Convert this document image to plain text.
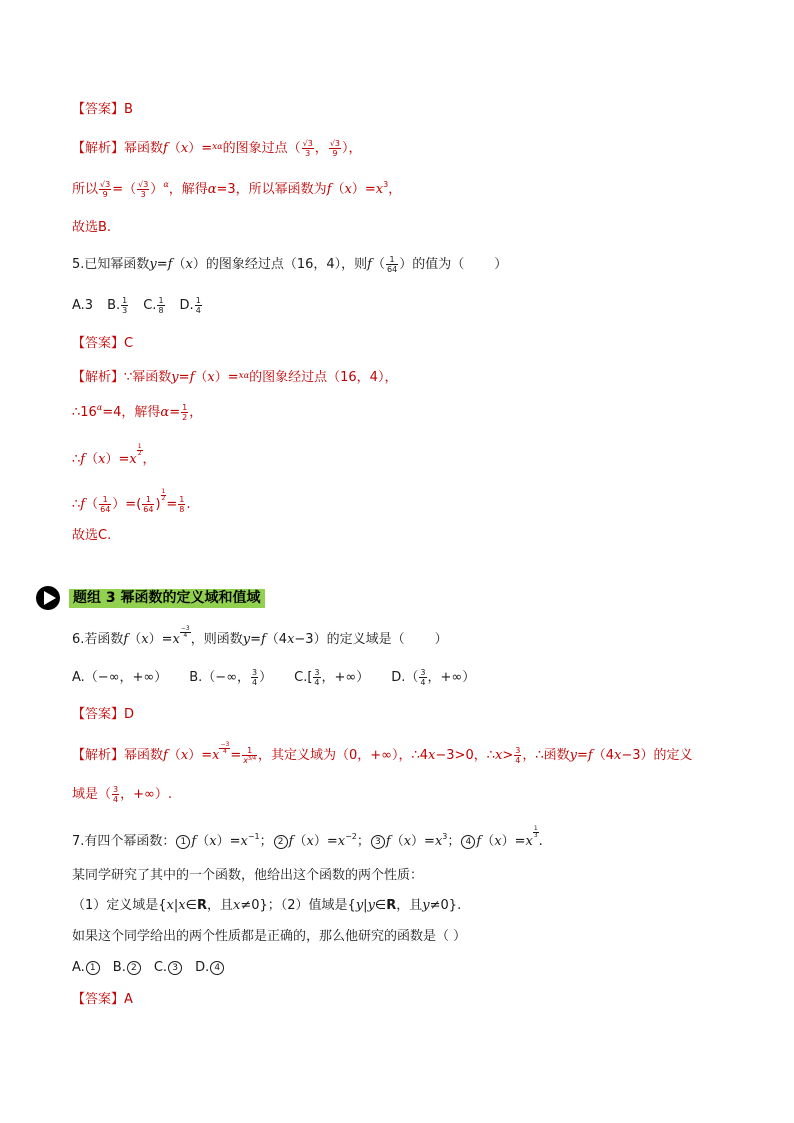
【答案】B
【解析】幂函数f（x）=$^{x\alpha}$的图象过点（ $\frac{√3}{3}$ ， $\frac{√3}{9}$ ），
所以 $\frac{√3}{9}$ =（ $\frac{√3}{3} )^\alpha$，解得α=3，所以幂函数为$f(x)=x^3$，
故选B.
5.已知幂函数y=f（x）的图象经过点（16，4），则$f( \frac{1}{64}$ ）的值为（ ）
A.3 B. $\frac{1}{3} C$. $\frac{1}{8} D$. $\frac{1}{4}$
【答案】C
【解析】∵幂函数y=f（x）=$^{x\alpha}$的图象经过点（16，4），
$\therefore 16^\alpha=4$，解得$\alpha= \frac{1}{2}$ ，
∴f（x）=x
$\frac{1}{2}$
，
∴f（ $\frac{1}{64}$ ）=( $\frac{1}{64}$ )
$\frac{1}{2}$
= $\frac{1}{8}$ .
故选C.
题组 3 幂函数的定义域和值域
6.若函数$f(x)=x \frac{-3}{4}$ ，则函数y=f（4x−3）的定义域是（ ）
A.（−∞，+∞） B.（−∞， $\frac{3}{4}$ ） $C.[ \frac{3}{4}$ ，+∞） $D.( \frac{3}{4}$ ，+∞）
【答案】D
【解析】幂函数$f(x)=x \frac{-3}{4} = \frac{1}{x^{3/4}}$ ，其定义域为（0，+∞），∴4x−3>0，∴x> $\frac{3}{4}$ ，∴函数y=f（4x−3）的定义
域是（ $\frac{3}{4}$ ，+∞）.
7.有四个幂函数： 1 $f(x)=x^{-1}$； 2 $f(x)=x^{-2}$； 3 $f(x)=x^3$； 4 f（x）=x
$\frac{1}{3}$
.
某同学研究了其中的一个函数，他给出这个函数的两个性质：
（1）定义域是{x|x∈R，且x≠0}；（2）值域是{y|y∈R，且y≠0}.
如果这个同学给出的两个性质都是正确的，那么他研究的函数是（ ）
A. 1 B. 2 C. 3 D. 4
【答案】A
